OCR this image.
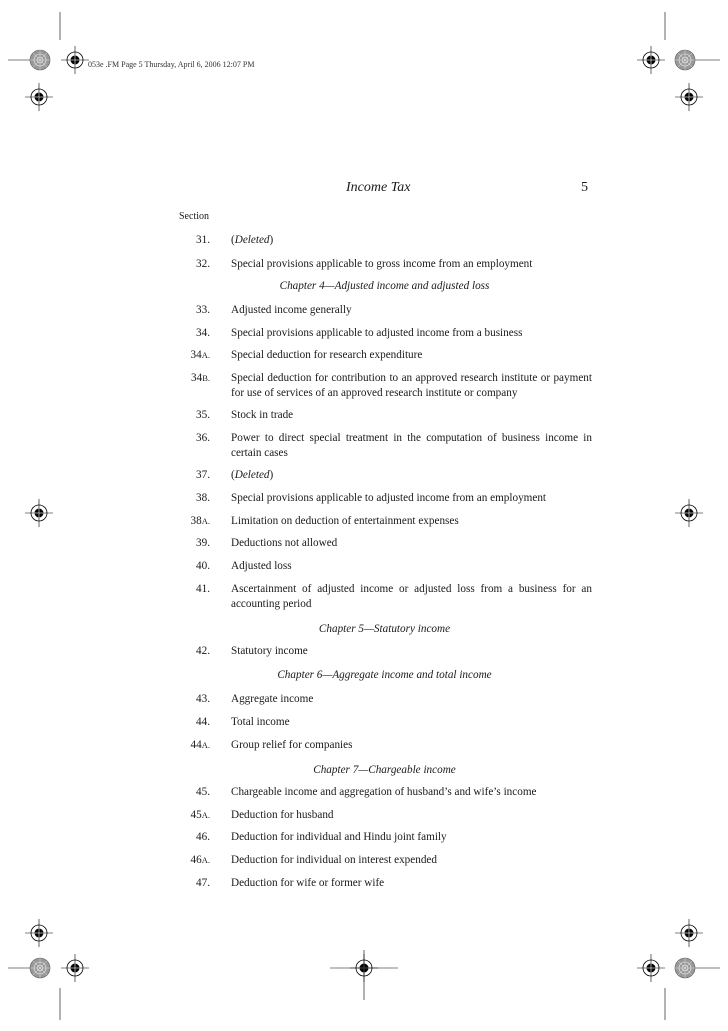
053e .FM Page 5 Thursday, April 6, 2006 12:07 PM
Income Tax	5
Section
31. (Deleted)
32. Special provisions applicable to gross income from an employment
Chapter 4—Adjusted income and adjusted loss
33. Adjusted income generally
34. Special provisions applicable to adjusted income from a business
34A. Special deduction for research expenditure
34B. Special deduction for contribution to an approved research institute or payment for use of services of an approved research institute or company
35. Stock in trade
36. Power to direct special treatment in the computation of business income in certain cases
37. (Deleted)
38. Special provisions applicable to adjusted income from an employment
38A. Limitation on deduction of entertainment expenses
39. Deductions not allowed
40. Adjusted loss
41. Ascertainment of adjusted income or adjusted loss from a business for an accounting period
Chapter 5—Statutory income
42. Statutory income
Chapter 6—Aggregate income and total income
43. Aggregate income
44. Total income
44A. Group relief for companies
Chapter 7—Chargeable income
45. Chargeable income and aggregation of husband’s and wife’s income
45A. Deduction for husband
46. Deduction for individual and Hindu joint family
46A. Deduction for individual on interest expended
47. Deduction for wife or former wife
